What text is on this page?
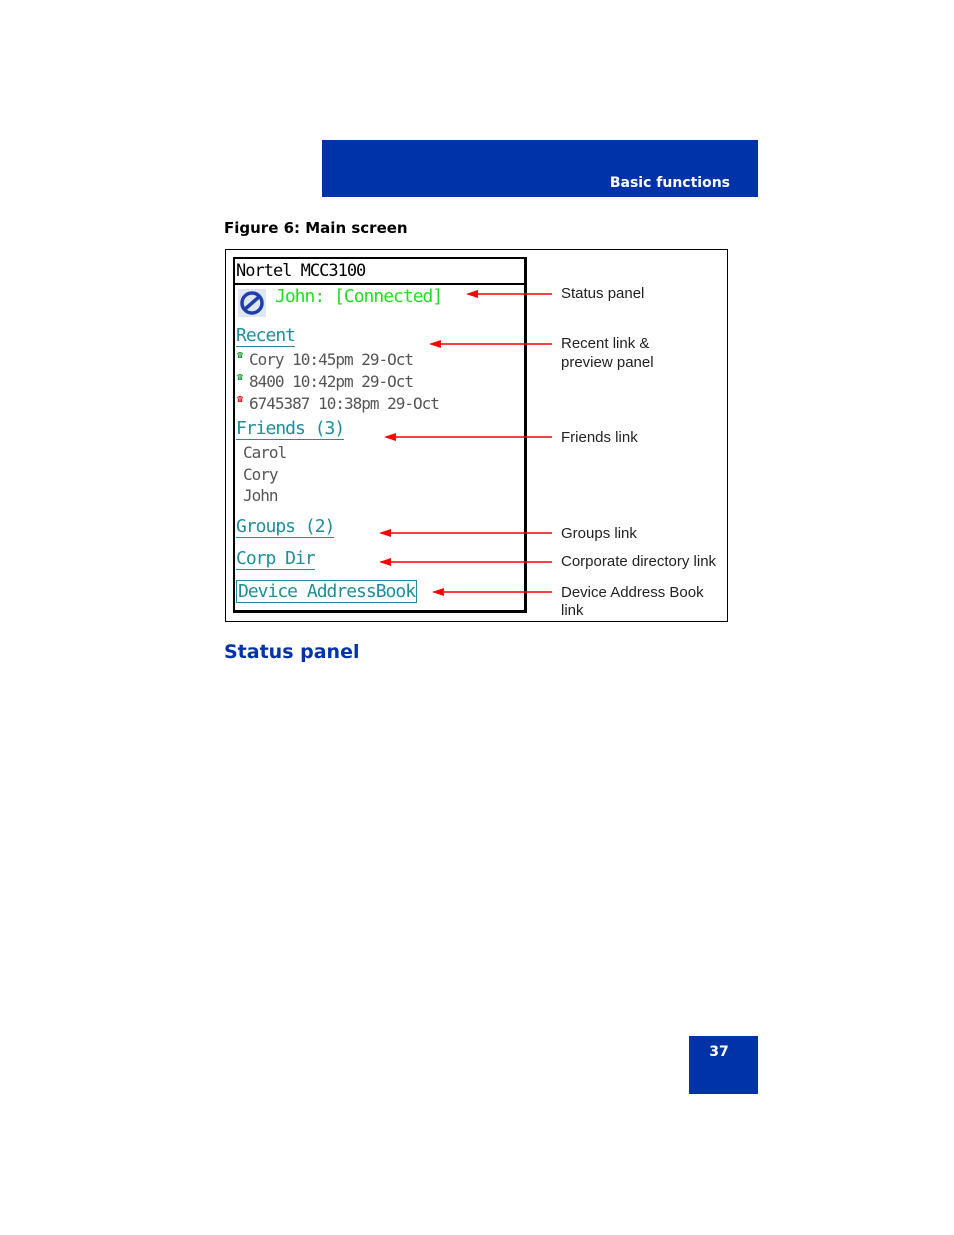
Basic functions
Figure 6: Main screen
Nortel MCC3100
John: [Connected]
Recent
☎ Cory 10:45pm 29-Oct
☎ 8400 10:42pm 29-Oct
☎ 6745387 10:38pm 29-Oct
Friends (3)
Carol
Cory
John
Groups (2)
Corp Dir
Device AddressBook
Status panel
Recent link &
preview panel
Friends link
Groups link
Corporate directory link
Device Address Book
link
Status panel
37
